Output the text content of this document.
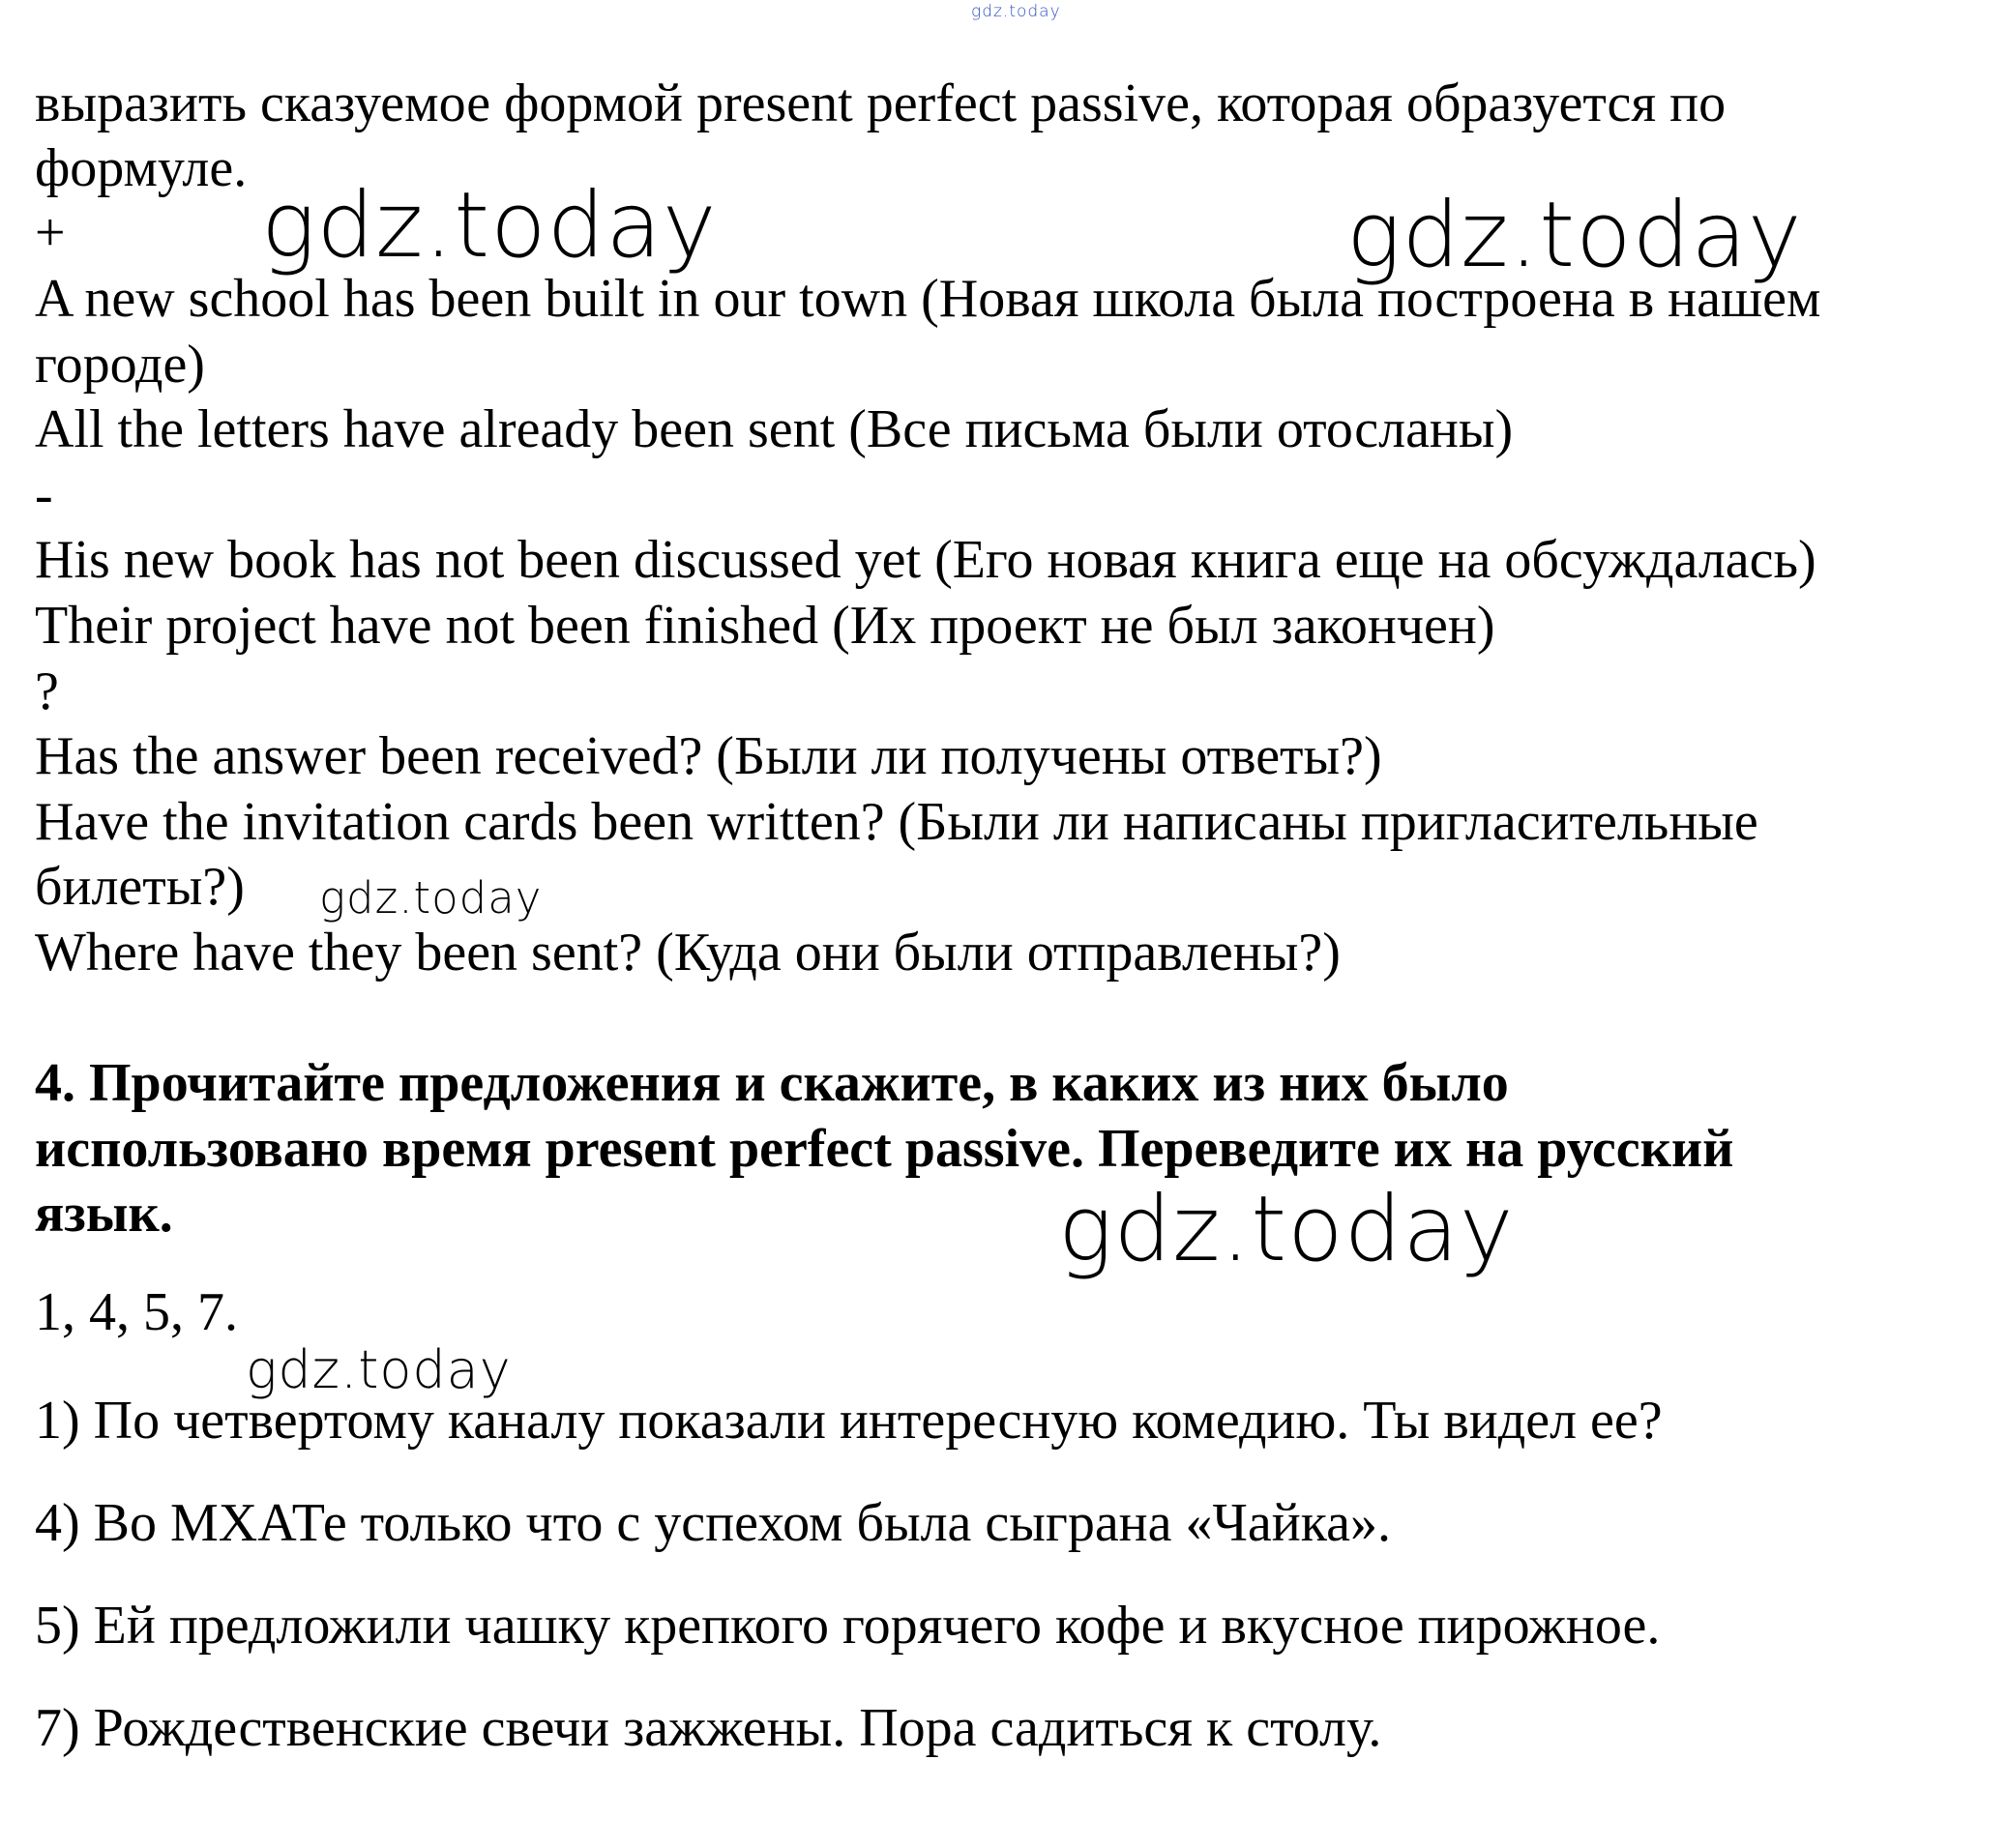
gdz.today

выразить сказуемое формой present perfect passive, которая образуется по

формуле.

+

A new school has been built in our town (Новая школа была построена в нашем

городе)

All the letters have already been sent (Все письма были отосланы)

-

His new book has not been discussed yet (Его новая книга еще на обсуждалась)

Their project have not been finished (Их проект не был закончен)

?

Has the answer been received? (Были ли получены ответы?)

Have the invitation cards been written? (Были ли написаны пригласительные

билеты?)

Where have they been sent? (Куда они были отправлены?)

4. Прочитайте предложения и скажите, в каких из них было

использовано время present perfect passive. Переведите их на русский

язык.

1, 4, 5, 7.

1) По четвертому каналу показали интересную комедию. Ты видел ее?

4) Во МХАТе только что с успехом была сыграна «Чайка».

5) Ей предложили чашку крепкого горячего кофе и вкусное пирожное.

7) Рождественские свечи зажжены. Пора садиться к столу.

gdz.today	gdz.today
gdz.today
gdz.today
gdz.today
